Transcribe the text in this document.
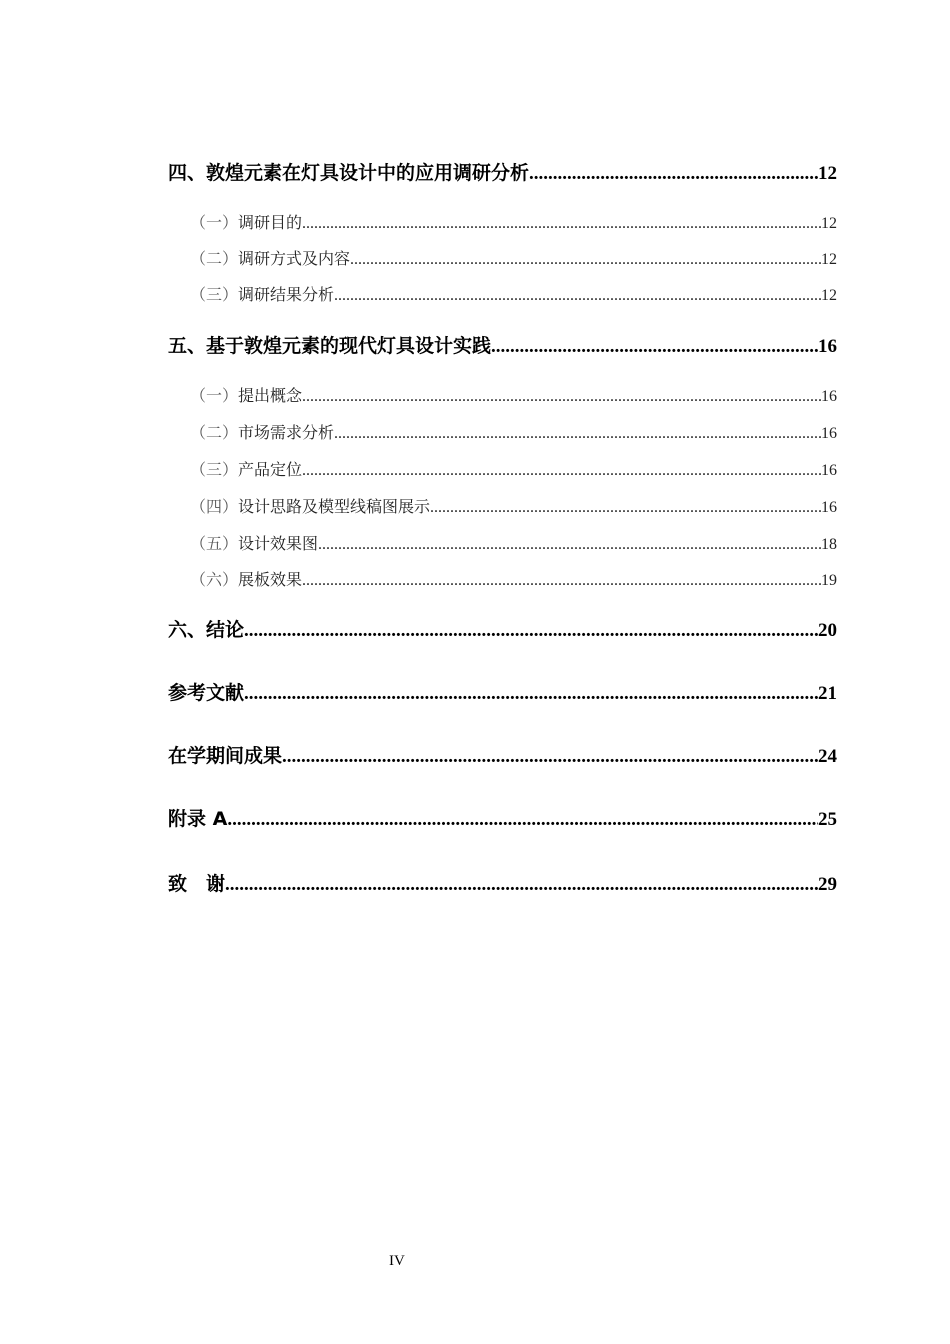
四、 敦煌元素在灯具设计中的应用调研分析 .....	12
（一） 调研目的 .....	12
（二） 调研方式及内容 .....	12
（三） 调研结果分析 .....	12
五、 基于敦煌元素的现代灯具设计实践 .....	16
（一） 提出概念 .....	16
（二） 市场需求分析 .....	16
（三） 产品定位 .....	16
（四） 设计思路及模型线稿图展示 .....	16
（五） 设计效果图 .....	18
（六） 展板效果 .....	19
六、结论 .....	20
参考文献 .....	21
在学期间成果 .....	24
附录 A .....	25
致　谢 .....	29
IV
